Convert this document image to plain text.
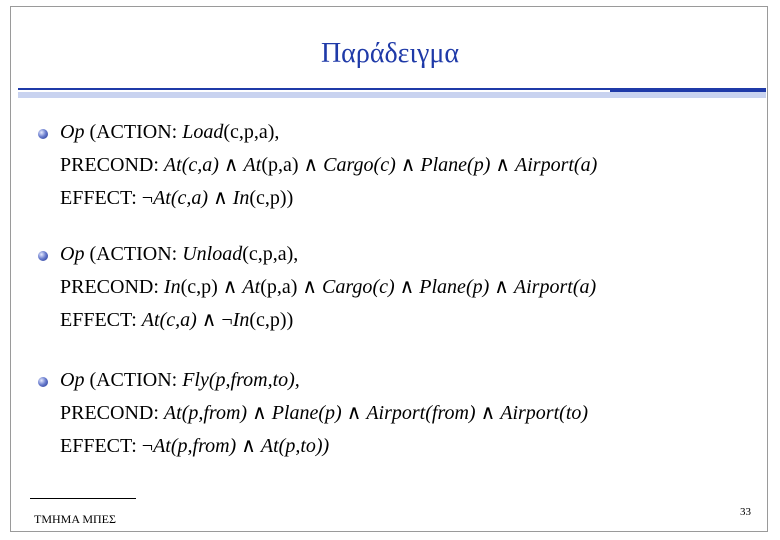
Παράδειγμα
Op (ACTION: Load(c,p,a),
PRECOND: At(c,a) ∧ At(p,a) ∧ Cargo(c) ∧ Plane(p) ∧ Airport(a)
EFFECT: ¬At(c,a) ∧ In(c,p))
Op (ACTION: Unload(c,p,a),
PRECOND: In(c,p) ∧ At(p,a) ∧ Cargo(c) ∧ Plane(p) ∧ Airport(a)
EFFECT: At(c,a) ∧ ¬In(c,p))
Op (ACTION: Fly(p,from,to),
PRECOND: At(p,from) ∧ Plane(p) ∧ Airport(from) ∧ Airport(to)
EFFECT: ¬At(p,from) ∧ At(p,to))
ΤΜΗΜΑ ΜΠΕΣ	33
